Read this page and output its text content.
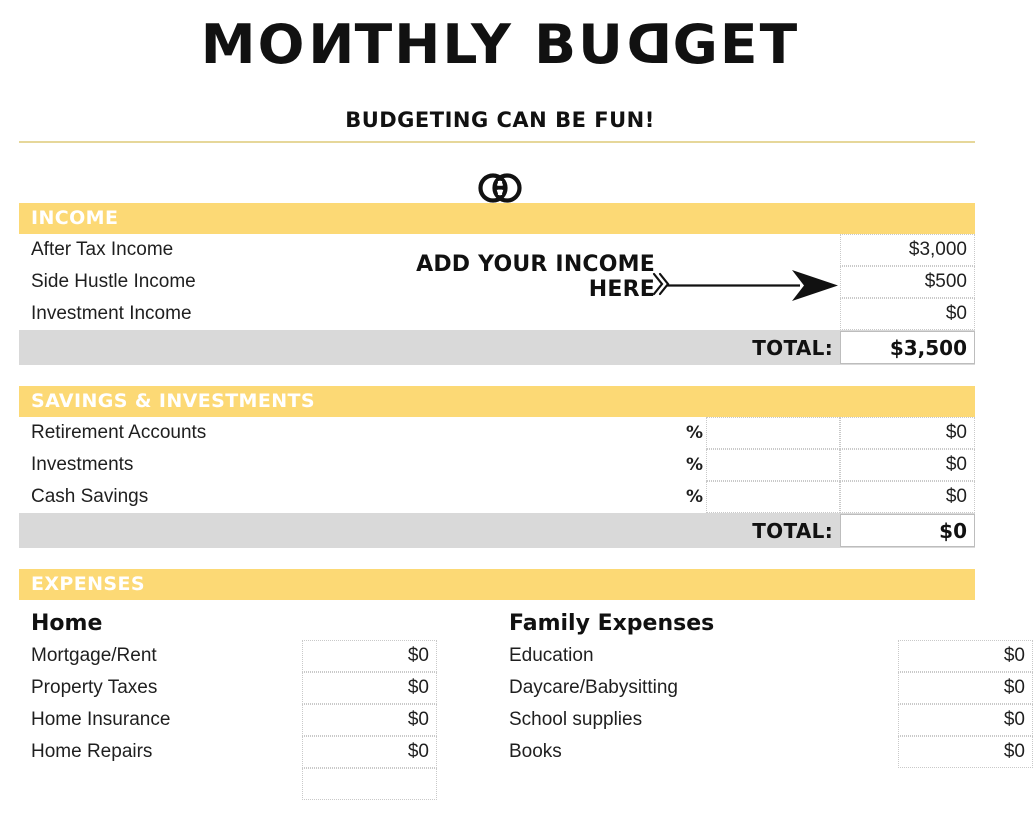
MONTHLY BUDGET
BUDGETING CAN BE FUN!
INCOME
After Tax Income	$3,000
Side Hustle Income	$500
Investment Income	$0
TOTAL:	$3,500
SAVINGS & INVESTMENTS
Retirement Accounts	%	$0
Investments	%	$0
Cash Savings	%	$0
TOTAL:	$0
EXPENSES
Home
Mortgage/Rent	$0
Property Taxes	$0
Home Insurance	$0
Home Repairs	$0
Family Expenses
Education	$0
Daycare/Babysitting	$0
School supplies	$0
Books	$0
ADD YOUR INCOME
HERE
